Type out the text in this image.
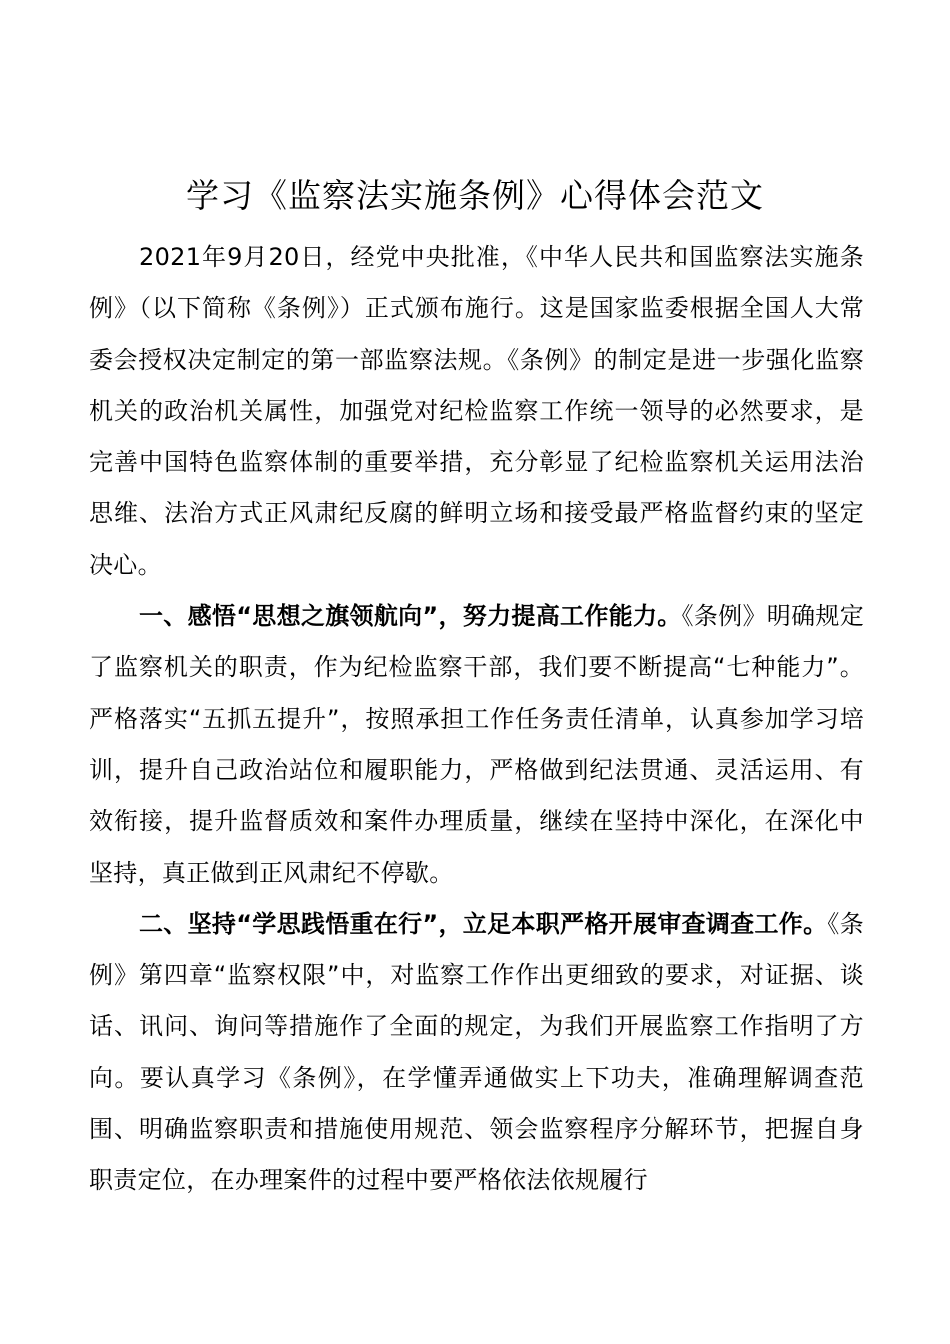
学习《监察法实施条例》心得体会范文

2021年9月20日，经党中央批准，《中华人民共和国监察法实施条例》（以下简称《条例》）正式颁布施行。这是国家监委根据全国人大常委会授权决定制定的第一部监察法规。《条例》的制定是进一步强化监察机关的政治机关属性，加强党对纪检监察工作统一领导的必然要求，是完善中国特色监察体制的重要举措，充分彰显了纪检监察机关运用法治思维、法治方式正风肃纪反腐的鲜明立场和接受最严格监督约束的坚定决心。

一、感悟“思想之旗领航向”，努力提高工作能力。《条例》明确规定了监察机关的职责，作为纪检监察干部，我们要不断提高“七种能力”。严格落实“五抓五提升”，按照承担工作任务责任清单，认真参加学习培训，提升自己政治站位和履职能力，严格做到纪法贯通、灵活运用、有效衔接，提升监督质效和案件办理质量，继续在坚持中深化，在深化中坚持，真正做到正风肃纪不停歇。

二、坚持“学思践悟重在行”，立足本职严格开展审查调查工作。《条例》第四章“监察权限”中，对监察工作作出更细致的要求，对证据、谈话、讯问、询问等措施作了全面的规定，为我们开展监察工作指明了方向。要认真学习《条例》，在学懂弄通做实上下功夫，准确理解调查范围、明确监察职责和措施使用规范、领会监察程序分解环节，把握自身职责定位，在办理案件的过程中要严格依法依规履行
